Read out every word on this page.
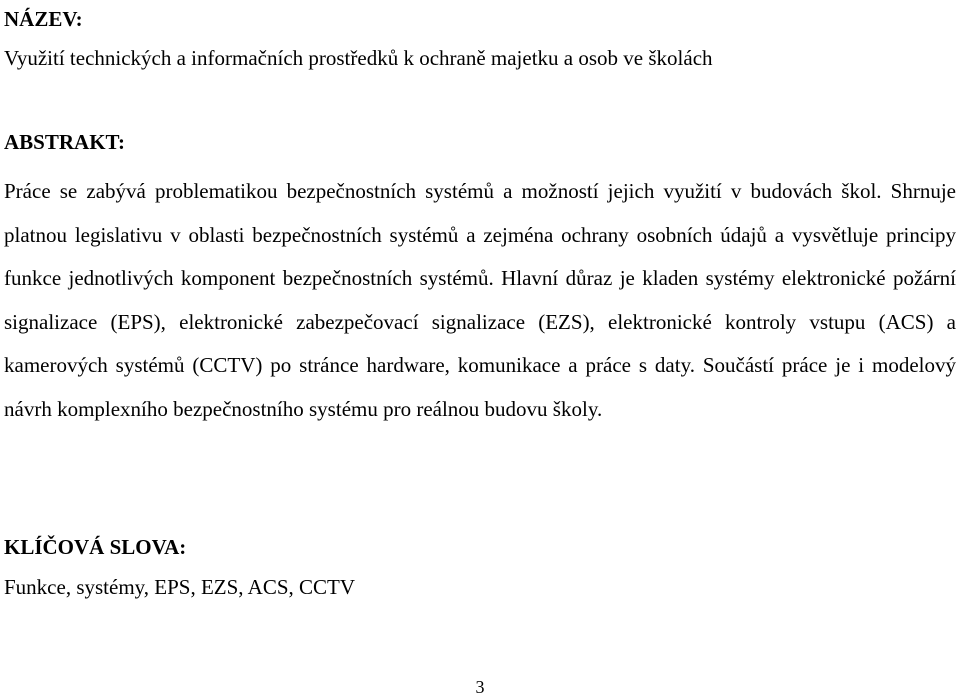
NÁZEV:

Využití technických a informačních prostředků k ochraně majetku a osob ve školách

ABSTRAKT:

Práce se zabývá problematikou bezpečnostních systémů a možností jejich využití v budovách škol. Shrnuje platnou legislativu v oblasti bezpečnostních systémů a zejména ochrany osobních údajů a vysvětluje principy funkce jednotlivých komponent bezpečnostních systémů. Hlavní důraz je kladen systémy elektronické požární signalizace (EPS), elektronické zabezpečovací signalizace (EZS), elektronické kontroly vstupu (ACS) a kamerových systémů (CCTV) po stránce hardware, komunikace a práce s daty. Součástí práce je i modelový návrh komplexního bezpečnostního systému pro reálnou budovu školy.

KLÍČOVÁ SLOVA:

Funkce, systémy, EPS, EZS, ACS, CCTV

3
